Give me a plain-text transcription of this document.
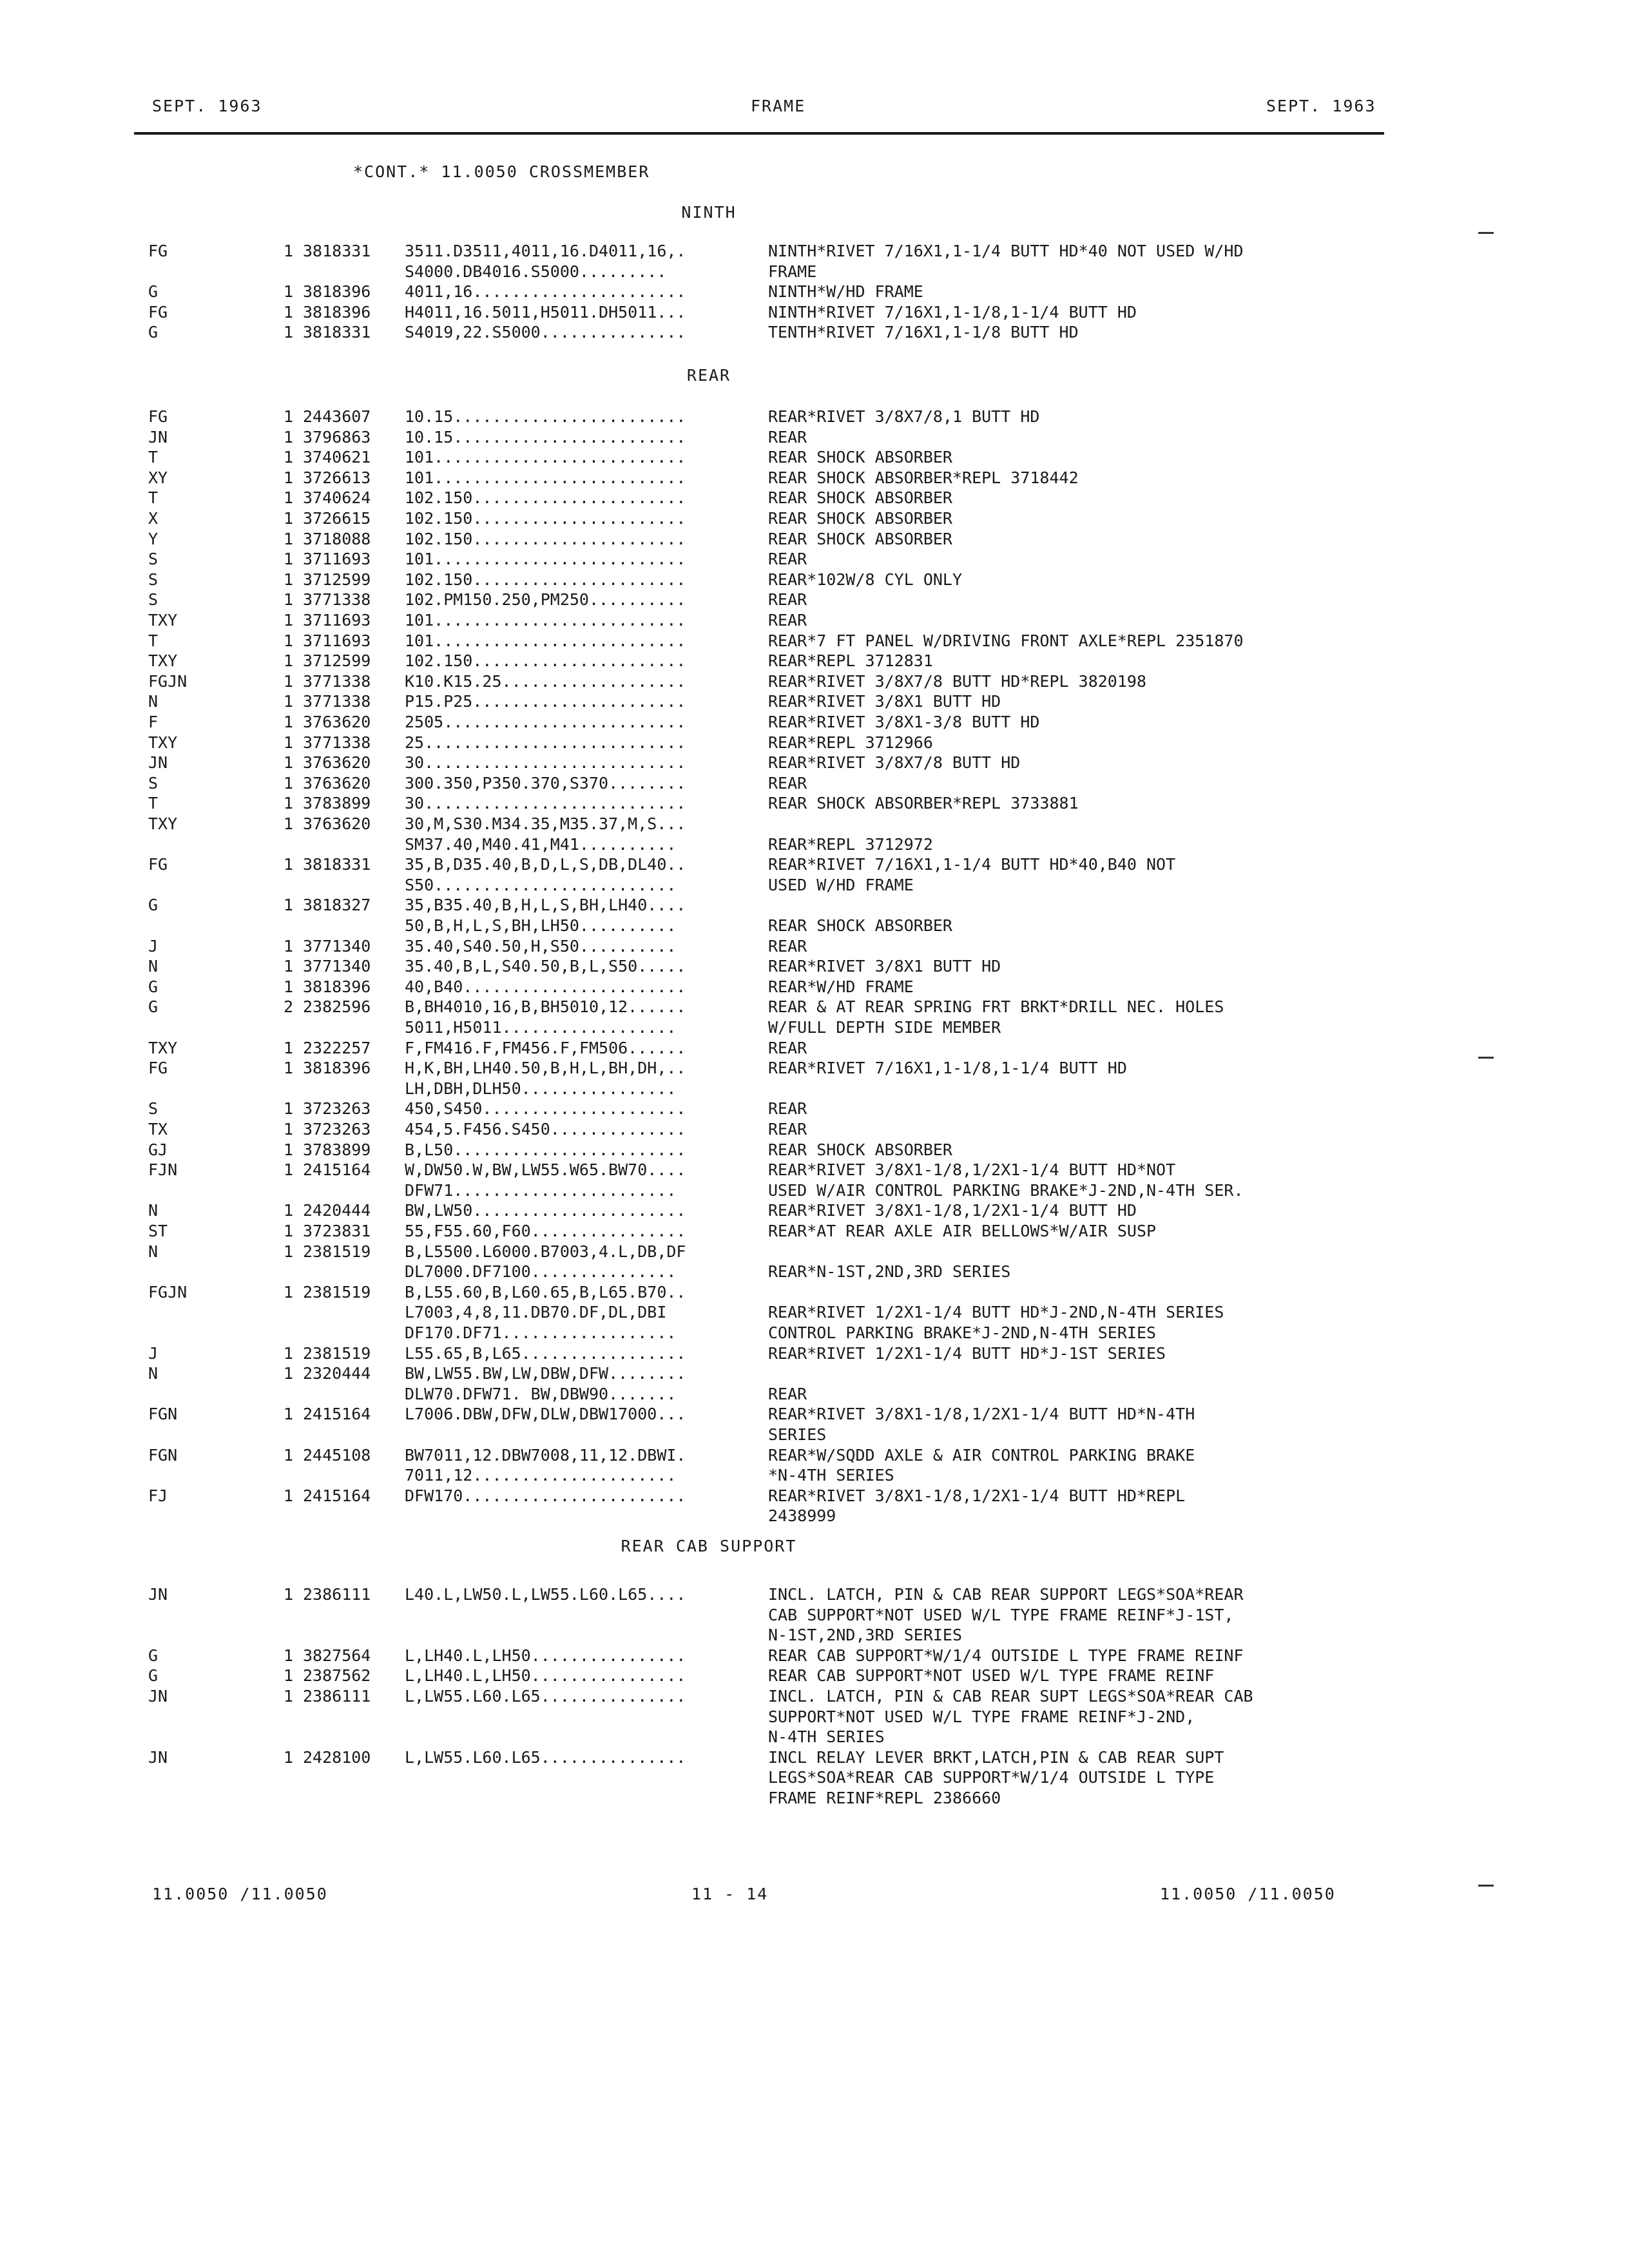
SEPT. 1963	FRAME	SEPT. 1963
*CONT.* 11.0050 CROSSMEMBER
NINTH
FG	1 3818331 3511.D3511,4011,16.D4011,16,.	NINTH*RIVET 7/16X1,1-1/4 BUTT HD*40 NOT USED W/HD
S4000.DB4016.S5000.........	FRAME
G	1 3818396 4011,16......................	NINTH*W/HD FRAME
FG	1 3818396 H4011,16.5011,H5011.DH5011...	NINTH*RIVET 7/16X1,1-1/8,1-1/4 BUTT HD
G	1 3818331 S4019,22.S5000...............	TENTH*RIVET 7/16X1,1-1/8 BUTT HD
REAR
FG	1 2443607 10.15........................	REAR*RIVET 3/8X7/8,1 BUTT HD
JN	1 3796863 10.15........................	REAR
T	1 3740621 101..........................	REAR SHOCK ABSORBER
XY	1 3726613 101..........................	REAR SHOCK ABSORBER*REPL 3718442
T	1 3740624 102.150......................	REAR SHOCK ABSORBER
X	1 3726615 102.150......................	REAR SHOCK ABSORBER
Y	1 3718088 102.150......................	REAR SHOCK ABSORBER
S	1 3711693 101..........................	REAR
S	1 3712599 102.150......................	REAR*102W/8 CYL ONLY
S	1 3771338 102.PM150.250,PM250..........	REAR
TXY	1 3711693 101..........................	REAR
T	1 3711693 101..........................	REAR*7 FT PANEL W/DRIVING FRONT AXLE*REPL 2351870
TXY	1 3712599 102.150......................	REAR*REPL 3712831
FGJN	1 3771338 K10.K15.25...................	REAR*RIVET 3/8X7/8 BUTT HD*REPL 3820198
N	1 3771338 P15.P25......................	REAR*RIVET 3/8X1 BUTT HD
F	1 3763620 2505.........................	REAR*RIVET 3/8X1-3/8 BUTT HD
TXY	1 3771338 25...........................	REAR*REPL 3712966
JN	1 3763620 30...........................	REAR*RIVET 3/8X7/8 BUTT HD
S	1 3763620 300.350,P350.370,S370........	REAR
T	1 3783899 30...........................	REAR SHOCK ABSORBER*REPL 3733881
TXY	1 3763620 30,M,S30.M34.35,M35.37,M,S...
SM37.40,M40.41,M41..........	REAR*REPL 3712972
FG	1 3818331 35,B,D35.40,B,D,L,S,DB,DL40..	REAR*RIVET 7/16X1,1-1/4 BUTT HD*40,B40 NOT
S50.........................	USED W/HD FRAME
G	1 3818327 35,B35.40,B,H,L,S,BH,LH40....
50,B,H,L,S,BH,LH50..........	REAR SHOCK ABSORBER
J	1 3771340 35.40,S40.50,H,S50..........	REAR
N	1 3771340 35.40,B,L,S40.50,B,L,S50.....	REAR*RIVET 3/8X1 BUTT HD
G	1 3818396 40,B40.......................	REAR*W/HD FRAME
G	2 2382596 B,BH4010,16,B,BH5010,12......	REAR & AT REAR SPRING FRT BRKT*DRILL NEC. HOLES
5011,H5011..................	W/FULL DEPTH SIDE MEMBER
TXY	1 2322257 F,FM416.F,FM456.F,FM506......	REAR
FG	1 3818396 H,K,BH,LH40.50,B,H,L,BH,DH,..	REAR*RIVET 7/16X1,1-1/8,1-1/4 BUTT HD
LH,DBH,DLH50................
S	1 3723263 450,S450.....................	REAR
TX	1 3723263 454,5.F456.S450..............	REAR
GJ	1 3783899 B,L50........................	REAR SHOCK ABSORBER
FJN	1 2415164 W,DW50.W,BW,LW55.W65.BW70....	REAR*RIVET 3/8X1-1/8,1/2X1-1/4 BUTT HD*NOT
DFW71.......................	USED W/AIR CONTROL PARKING BRAKE*J-2ND,N-4TH SER.
N	1 2420444 BW,LW50......................	REAR*RIVET 3/8X1-1/8,1/2X1-1/4 BUTT HD
ST	1 3723831 55,F55.60,F60................	REAR*AT REAR AXLE AIR BELLOWS*W/AIR SUSP
N	1 2381519 B,L5500.L6000.B7003,4.L,DB,DF
DL7000.DF7100...............	REAR*N-1ST,2ND,3RD SERIES
FGJN	1 2381519 B,L55.60,B,L60.65,B,L65.B70..
L7003,4,8,11.DB70.DF,DL,DBI	REAR*RIVET 1/2X1-1/4 BUTT HD*J-2ND,N-4TH SERIES
DF170.DF71..................	CONTROL PARKING BRAKE*J-2ND,N-4TH SERIES
J	1 2381519 L55.65,B,L65.................	REAR*RIVET 1/2X1-1/4 BUTT HD*J-1ST SERIES
N	1 2320444 BW,LW55.BW,LW,DBW,DFW........
DLW70.DFW71. BW,DBW90.......	REAR
FGN	1 2415164 L7006.DBW,DFW,DLW,DBW17000...	REAR*RIVET 3/8X1-1/8,1/2X1-1/4 BUTT HD*N-4TH
SERIES
FGN	1 2445108 BW7011,12.DBW7008,11,12.DBWI.	REAR*W/SQDD AXLE & AIR CONTROL PARKING BRAKE
7011,12.....................	*N-4TH SERIES
FJ	1 2415164 DFW170.......................	REAR*RIVET 3/8X1-1/8,1/2X1-1/4 BUTT HD*REPL
2438999
REAR CAB SUPPORT
JN	1 2386111 L40.L,LW50.L,LW55.L60.L65....	INCL. LATCH, PIN & CAB REAR SUPPORT LEGS*SOA*REAR
CAB SUPPORT*NOT USED W/L TYPE FRAME REINF*J-1ST,
N-1ST,2ND,3RD SERIES
G	1 3827564 L,LH40.L,LH50................	REAR CAB SUPPORT*W/1/4 OUTSIDE L TYPE FRAME REINF
G	1 2387562 L,LH40.L,LH50................	REAR CAB SUPPORT*NOT USED W/L TYPE FRAME REINF
JN	1 2386111 L,LW55.L60.L65...............	INCL. LATCH, PIN & CAB REAR SUPT LEGS*SOA*REAR CAB
SUPPORT*NOT USED W/L TYPE FRAME REINF*J-2ND,
N-4TH SERIES
JN	1 2428100 L,LW55.L60.L65...............	INCL RELAY LEVER BRKT,LATCH,PIN & CAB REAR SUPT
LEGS*SOA*REAR CAB SUPPORT*W/1/4 OUTSIDE L TYPE
FRAME REINF*REPL 2386660
11.0050 /11.0050	11 - 14	11.0050 /11.0050
